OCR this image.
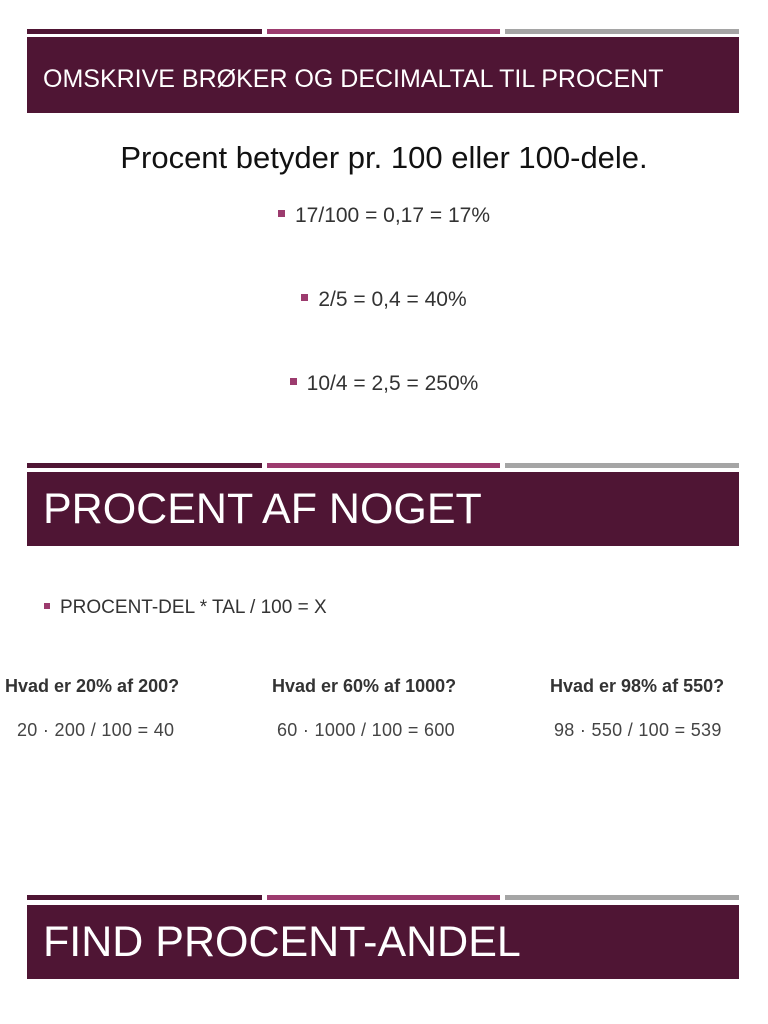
OMSKRIVE BRØKER OG DECIMALTAL TIL PROCENT
Procent betyder pr. 100 eller 100-dele.
17/100 = 0,17 = 17%
2/5 = 0,4 = 40%
10/4 = 2,5 = 250%
PROCENT AF NOGET
PROCENT-DEL * TAL / 100 = X
Hvad er 20% af 200?	Hvad er 60% af 1000?	Hvad er 98% af 550?
20 · 200 / 100 = 40	60 · 1000 / 100 = 600	98 · 550 / 100 = 539
FIND PROCENT-ANDEL
